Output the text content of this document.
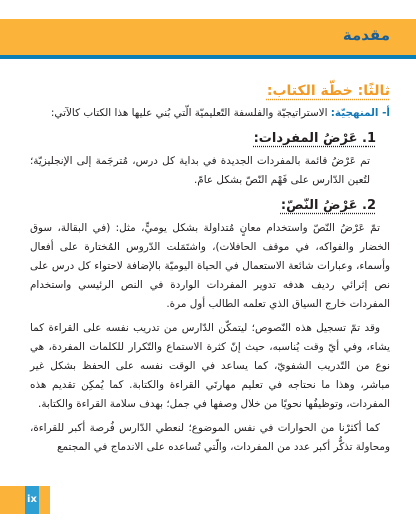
مقدمة
ثالثًا: خطّة الكتاب:

أ- المنهجيّة: الاستراتيجيّة والفلسفة التّعليميّة الّتي بُني عليها هذا الكتاب كالآتي:

1. عَرْضُ المفردات:

تم عَرْضُ قائمة بالمفردات الجديدة في بداية كل درس، مُترجَمة إلى الإنجليزيّة؛ لتُعين الدّارس على فَهْم النّصّ بشكل عامّ.

2. عَرْضُ النّصّ:

تمّ عَرْضُ النّصّ واستخدام معانٍ مُتداولة بشكل يوميٍّ، مثل: (في البقالة، سوق الخضار والفواكه، في موقف الحافلات)، واشتَمَلت الدّروس المُختارة على أفعال وأسماء، وعبارات شائعة الاستعمال في الحياة اليوميّة بالإضافة لاحتواء كل درس على نص إثرائي رديف هدفه تدوير المفردات الواردة في النص الرئيسي واستخدام المفردات خارج السياق الذي تعلمه الطالب أول مرة.

وقد تمّ تسجيل هذه النّصوص؛ ليتمكّن الدّارس من تدريب نفسه على القراءة كما يشاء، وفي أيّ وقت يُناسبه، حيث إنّ كثرة الاستماع والتّكرار للكلمات المفردة، هي نوع من التّدريب الشفويّ، كما يساعد في الوقت نفسه على الحفظ بشكل غير مباشر، وهذا ما نحتاجه في تعليم مهارتَي القراءة والكتابة. كما يُمكِن تقديم هذه المفردات، وتوظيفُها نحويًا من خلال وصفها في جمل؛ بهدف سلامة القراءة والكتابة.

كما أكثرْنا من الحوارات في نفس الموضوع؛ لنعطي الدّارس فُرصة أكبر للقراءة، ومحاولة تذكُّر أكبر عدد من المفردات، والّتي تُساعده على الاندماج في المجتمع

ix
